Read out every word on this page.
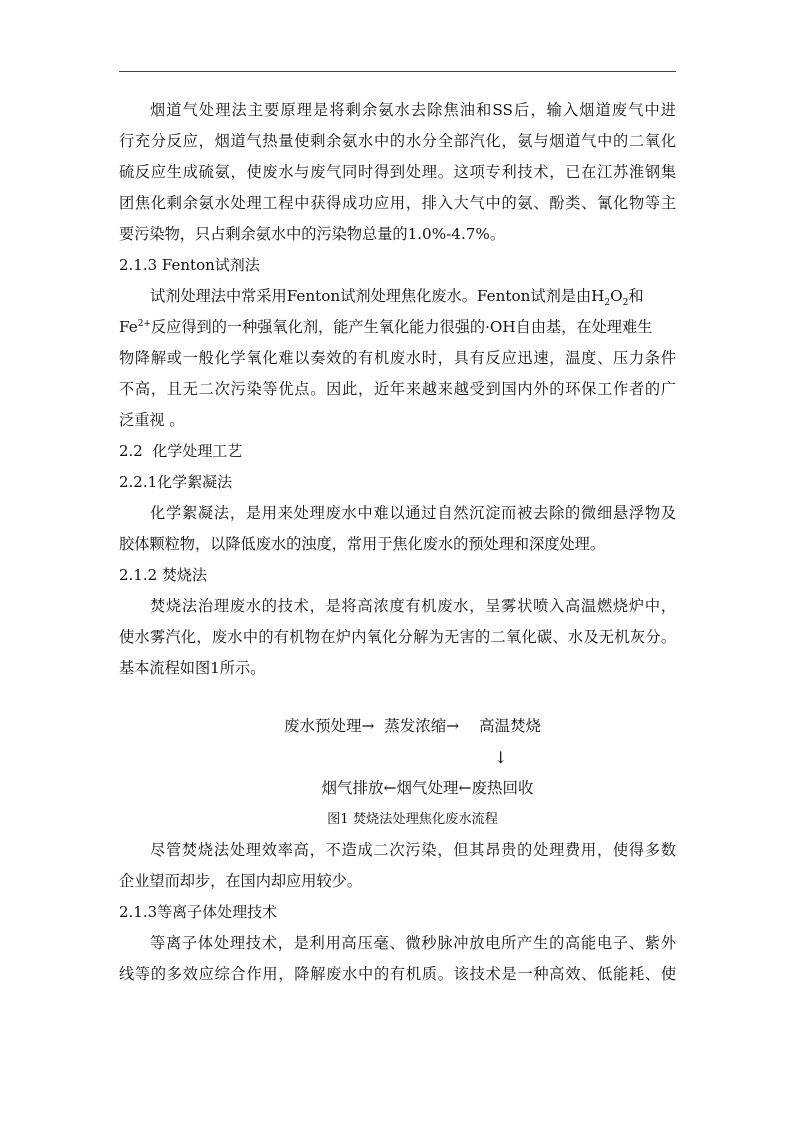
烟道气处理法主要原理是将剩余氨水去除焦油和SS后，输入烟道废气中进
行充分反应，烟道气热量使剩余氨水中的水分全部汽化，氨与烟道气中的二氧化
硫反应生成硫氨，使废水与废气同时得到处理。这项专利技术，已在江苏淮钢集
团焦化剩余氨水处理工程中获得成功应用，排入大气中的氨、酚类、氰化物等主
要污染物，只占剩余氨水中的污染物总量的1.0%-4.7%。
2.1.3 Fenton试剂法
试剂处理法中常采用Fenton试剂处理焦化废水。Fenton试剂是由$H_2O_2$和
$Fe^{2+}$反应得到的一种强氧化剂，能产生氧化能力很强的·OH自由基，在处理难生
物降解或一般化学氧化难以奏效的有机废水时，具有反应迅速，温度、压力条件
不高，且无二次污染等优点。因此，近年来越来越受到国内外的环保工作者的广
泛重视 。
2.2  化学处理工艺
2.2.1化学絮凝法
化学絮凝法，是用来处理废水中难以通过自然沉淀而被去除的微细悬浮物及
胶体颗粒物，以降低废水的浊度，常用于焦化废水的预处理和深度处理。
2.1.2 焚烧法
焚烧法治理废水的技术，是将高浓度有机废水，呈雾状喷入高温燃烧炉中，
使水雾汽化，废水中的有机物在炉内氧化分解为无害的二氧化碳、水及无机灰分。
基本流程如图1所示。
废水预处理→  蒸发浓缩→    高温焚烧
↓
烟气排放←烟气处理←废热回收
图1 焚烧法处理焦化废水流程
尽管焚烧法处理效率高，不造成二次污染，但其昂贵的处理费用，使得多数
企业望而却步，在国内却应用较少。
2.1.3等离子体处理技术
等离子体处理技术，是利用高压毫、微秒脉冲放电所产生的高能电子、紫外
线等的多效应综合作用，降解废水中的有机质。该技术是一种高效、低能耗、使
